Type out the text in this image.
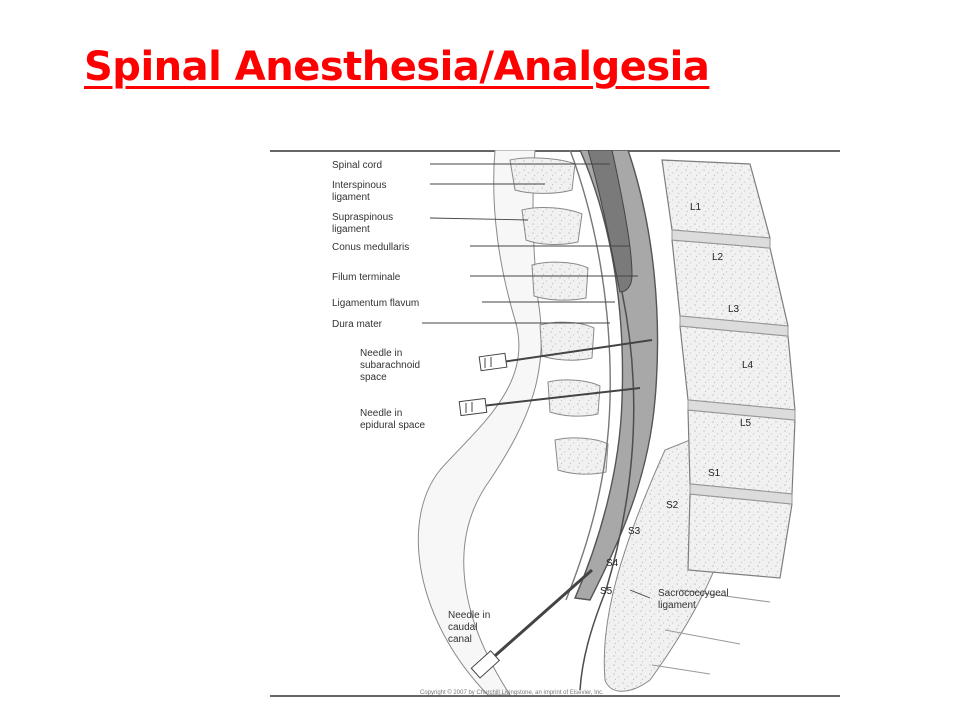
Spinal Anesthesia/Analgesia
Spinal cord
Interspinous
ligament
Supraspinous
ligament
Conus medullaris
Filum terminale
Ligamentum flavum
Dura mater
Needle in
subarachnoid
space
Needle in
epidural space
Sacrococcygeal
ligament
Needle in
caudal
canal
L1
L2
L3
L4
L5
S1
S2
S3
S4
S5
Copyright © 2007 by Churchill Livingstone, an imprint of Elsevier, Inc.
